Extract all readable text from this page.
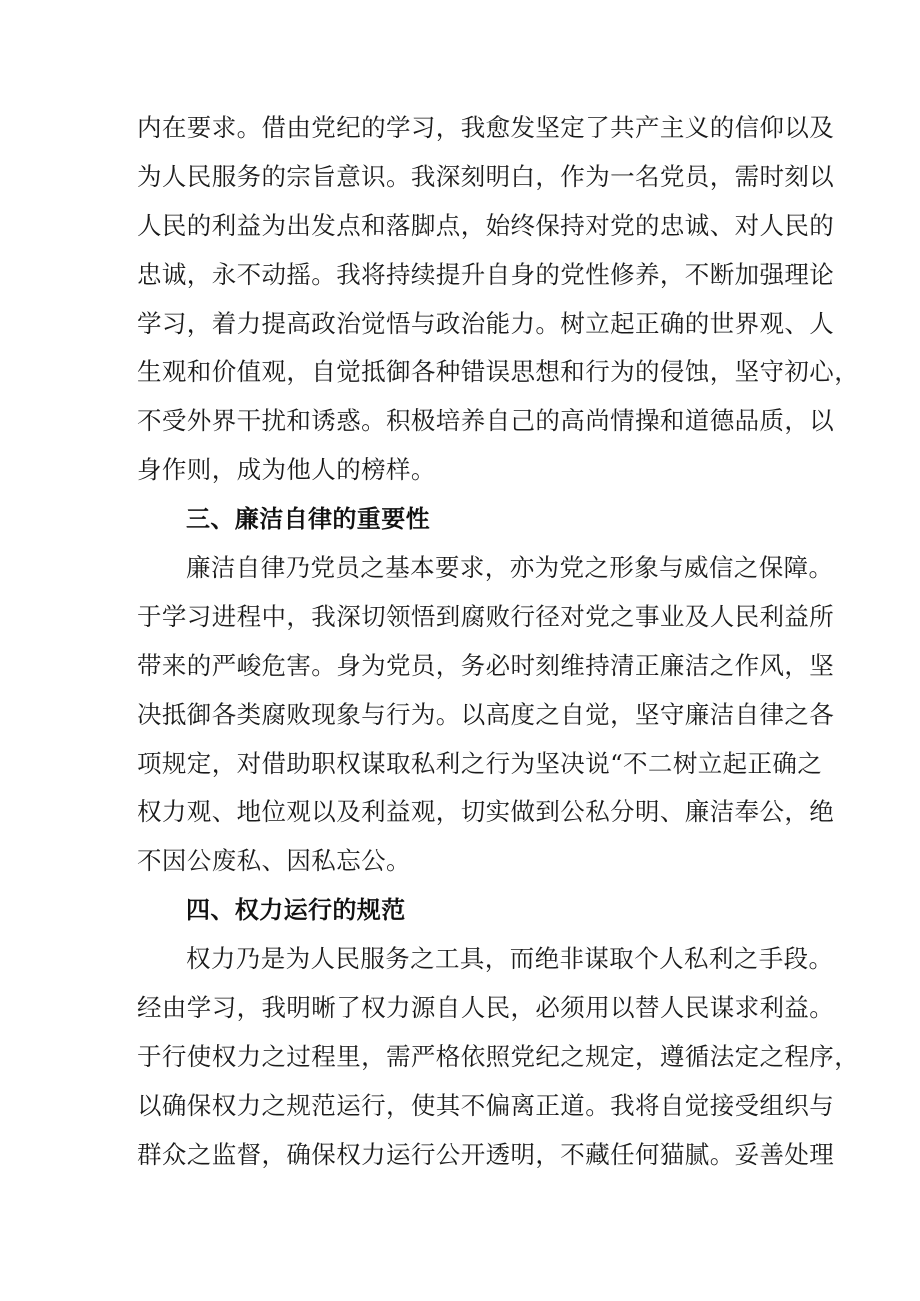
内在要求。借由党纪的学习，我愈发坚定了共产主义的信仰以及
为人民服务的宗旨意识。我深刻明白，作为一名党员，需时刻以
人民的利益为出发点和落脚点，始终保持对党的忠诚、对人民的
忠诚，永不动摇。我将持续提升自身的党性修养，不断加强理论
学习，着力提高政治觉悟与政治能力。树立起正确的世界观、人
生观和价值观，自觉抵御各种错误思想和行为的侵蚀，坚守初心，
不受外界干扰和诱惑。积极培养自己的高尚情操和道德品质，以
身作则，成为他人的榜样。
三、廉洁自律的重要性
廉洁自律乃党员之基本要求，亦为党之形象与威信之保障。
于学习进程中，我深切领悟到腐败行径对党之事业及人民利益所
带来的严峻危害。身为党员，务必时刻维持清正廉洁之作风，坚
决抵御各类腐败现象与行为。以高度之自觉，坚守廉洁自律之各
项规定，对借助职权谋取私利之行为坚决说“不二树立起正确之
权力观、地位观以及利益观，切实做到公私分明、廉洁奉公，绝
不因公废私、因私忘公。
四、权力运行的规范
权力乃是为人民服务之工具，而绝非谋取个人私利之手段。
经由学习，我明晰了权力源自人民，必须用以替人民谋求利益。
于行使权力之过程里，需严格依照党纪之规定，遵循法定之程序，
以确保权力之规范运行，使其不偏离正道。我将自觉接受组织与
群众之监督，确保权力运行公开透明，不藏任何猫腻。妥善处理
